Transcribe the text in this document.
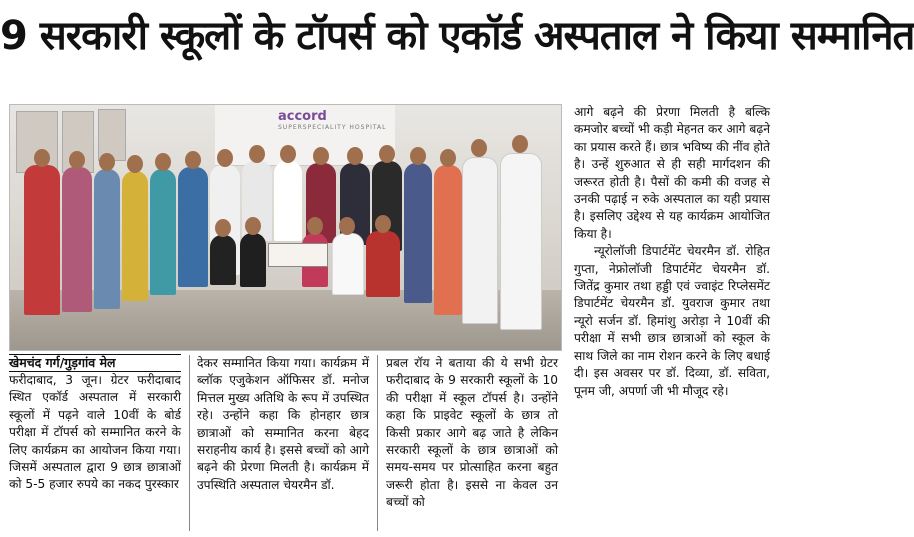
9 सरकारी स्कूलों के टॉपर्स को एकॉर्ड अस्पताल ने किया सम्मानित
accord
SUPERSPECIALITY HOSPITAL

खेमचंद गर्ग/गुड़गांव मेल

फरीदाबाद, 3 जून। ग्रेटर फरीदाबाद स्थित एकॉर्ड अस्पताल में सरकारी स्कूलों में पढ़ने वाले 10वीं के बोर्ड परीक्षा में टॉपर्स को सम्मानित करने के लिए कार्यक्रम का आयोजन किया गया। जिसमें अस्पताल द्वारा 9 छात्र छात्राओं को 5-5 हजार रुपये का नकद पुरस्कार

देकर सम्मानित किया गया। कार्यक्रम में ब्लॉक एजुकेशन ऑफिसर डॉ. मनोज मित्तल मुख्य अतिथि के रूप में उपस्थित रहे। उन्होंने कहा कि होनहार छात्र छात्राओं को सम्मानित करना बेहद सराहनीय कार्य है। इससे बच्चों को आगे बढ़ने की प्रेरणा मिलती है। कार्यक्रम में उपस्थिति अस्पताल चेयरमैन डॉ.

प्रबल रॉय ने बताया की ये सभी ग्रेटर फरीदाबाद के 9 सरकारी स्कूलों के 10 की परीक्षा में स्कूल टॉपर्स है। उन्होंने कहा कि प्राइवेट स्कूलों के छात्र तो किसी प्रकार आगे बढ़ जाते है लेकिन सरकारी स्कूलों के छात्र छात्राओं को समय-समय पर प्रोत्साहित करना बहुत जरूरी होता है। इससे ना केवल उन बच्चों को

आगे बढ़ने की प्रेरणा मिलती है बल्कि कमजोर बच्चों भी कड़ी मेहनत कर आगे बढ़ने का प्रयास करते हैं। छात्र भविष्य की नींव होते है। उन्हें शुरुआत से ही सही मार्गदशन की जरूरत होती है। पैसों की कमी की वजह से उनकी पढ़ाई न रुके अस्पताल का यही प्रयास है। इसलिए उद्देश्य से यह कार्यक्रम आयोजित किया है।

न्यूरोलॉजी डिपार्टमेंट चेयरमैन डॉ. रोहित गुप्ता, नेफ्रोलॉजी डिपार्टमेंट चेयरमैन डॉ. जितेंद्र कुमार तथा हड्डी एवं ज्वाइंट रिप्लेसमेंट डिपार्टमेंट चेयरमैन डॉ. युवराज कुमार तथा न्यूरो सर्जन डॉ. हिमांशु अरोड़ा ने 10वीं की परीक्षा में सभी छात्र छात्राओं को स्कूल के साथ जिले का नाम रोशन करने के लिए बधाई दी। इस अवसर पर डॉ. दिव्या, डॉ. सविता, पूनम जी, अपर्णा जी भी मौजूद रहे।
